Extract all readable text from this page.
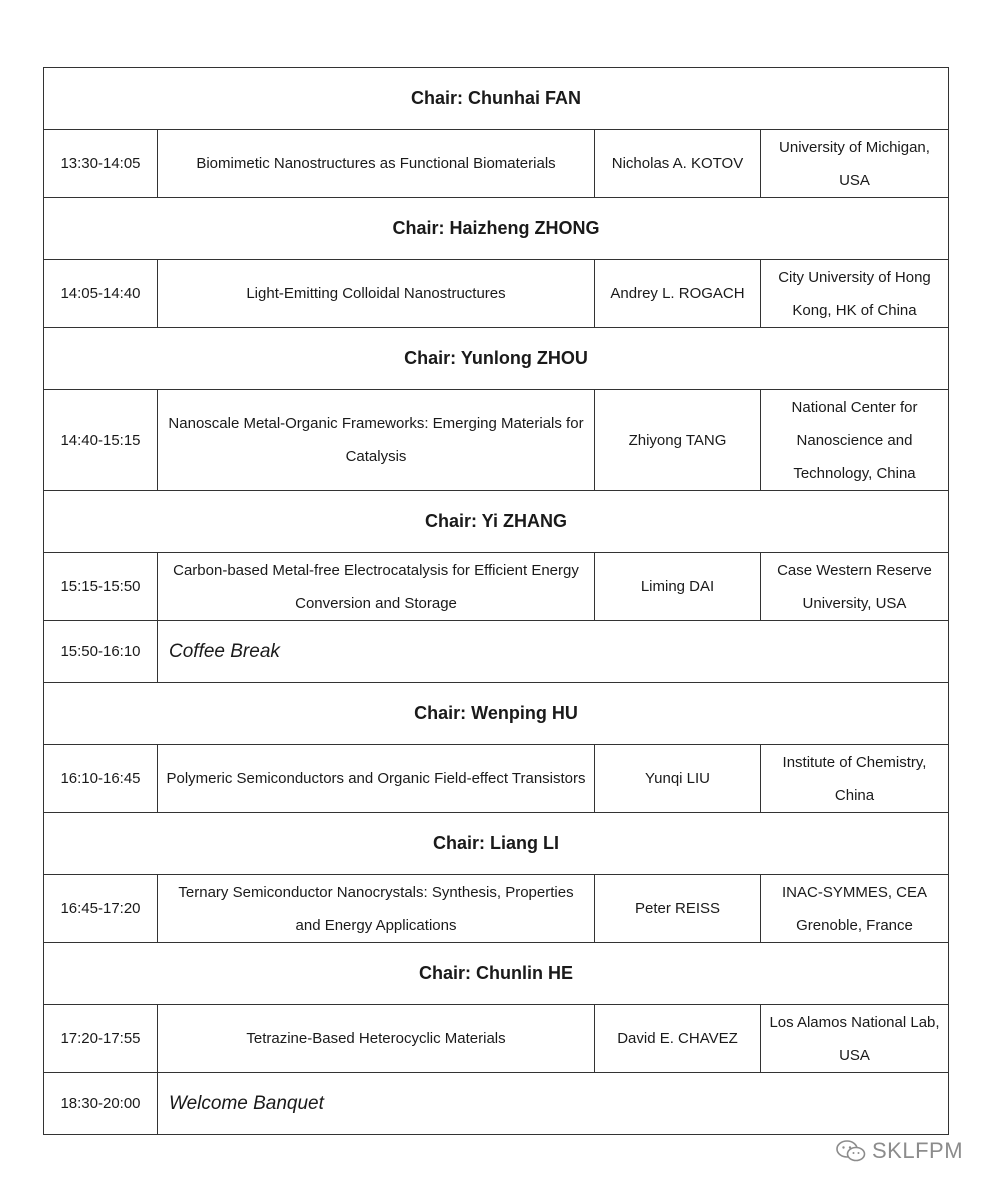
Chair: Chunhai FAN			
13:30-14:05	Biomimetic Nanostructures as Functional Biomaterials	Nicholas A. KOTOV	University of Michigan, USA
Chair: Haizheng ZHONG			
14:05-14:40	Light-Emitting Colloidal Nanostructures	Andrey L. ROGACH	City University of Hong Kong, HK of China
Chair: Yunlong ZHOU			
14:40-15:15	Nanoscale Metal-Organic Frameworks: Emerging Materials for Catalysis	Zhiyong TANG	National Center for Nanoscience and Technology, China
Chair: Yi ZHANG			
15:15-15:50	Carbon-based Metal-free Electrocatalysis for Efficient Energy Conversion and Storage	Liming DAI	Case Western Reserve University, USA
15:50-16:10	Coffee Break		
Chair: Wenping HU			
16:10-16:45	Polymeric Semiconductors and Organic Field-effect Transistors	Yunqi LIU	Institute of Chemistry, China
Chair: Liang LI			
16:45-17:20	Ternary Semiconductor Nanocrystals: Synthesis, Properties and Energy Applications	Peter REISS	INAC-SYMMES, CEA Grenoble, France
Chair: Chunlin HE			
17:20-17:55	Tetrazine-Based Heterocyclic Materials	David E. CHAVEZ	Los Alamos National Lab, USA
18:30-20:00	Welcome Banquet		
SKLFPM
